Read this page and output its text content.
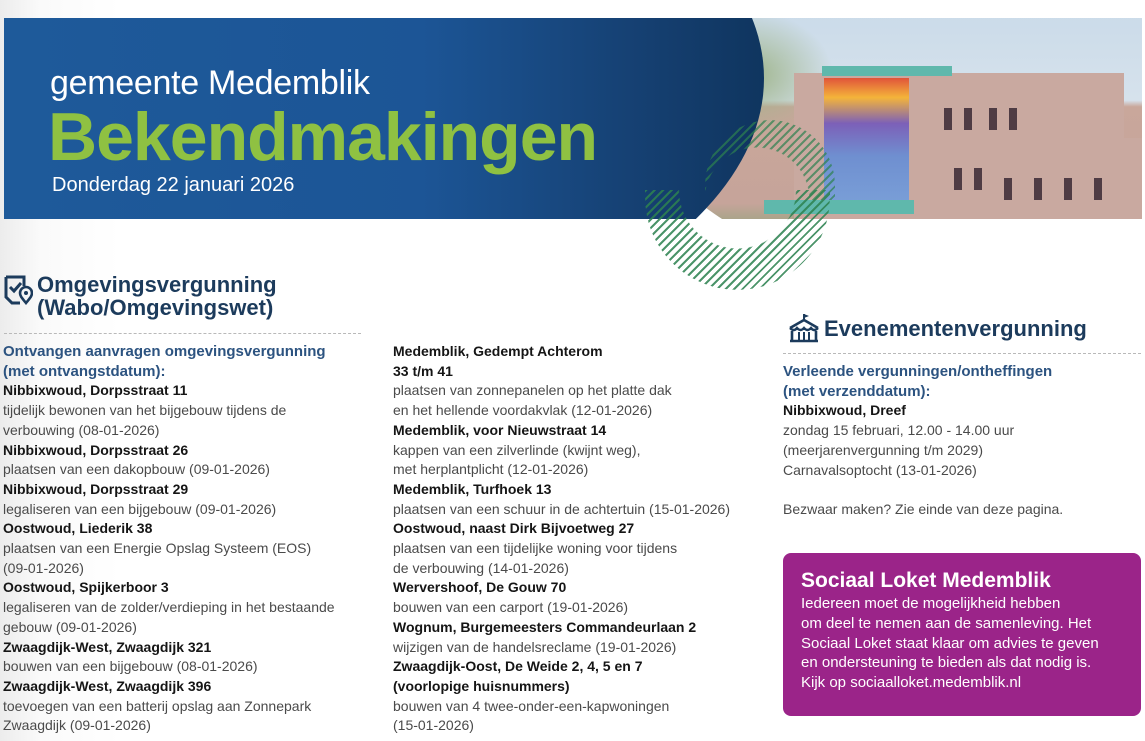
gemeente Medemblik
Bekendmakingen
Donderdag 22 januari 2026
Omgevingsvergunning
(Wabo/Omgevingswet)
Ontvangen aanvragen omgevingsvergunning
(met ontvangstdatum):
Nibbixwoud, Dorpsstraat 11
tijdelijk bewonen van het bijgebouw tijdens de
verbouwing (08-01-2026)
Nibbixwoud, Dorpsstraat 26
plaatsen van een dakopbouw (09-01-2026)
Nibbixwoud, Dorpsstraat 29
legaliseren van een bijgebouw (09-01-2026)
Oostwoud, Liederik 38
plaatsen van een Energie Opslag Systeem (EOS)
(09-01-2026)
Oostwoud, Spijkerboor 3
legaliseren van de zolder/verdieping in het bestaande
gebouw (09-01-2026)
Zwaagdijk-West, Zwaagdijk 321
bouwen van een bijgebouw (08-01-2026)
Zwaagdijk-West, Zwaagdijk 396
toevoegen van een batterij opslag aan Zonnepark
Zwaagdijk (09-01-2026)
Medemblik, Gedempt Achterom
33 t/m 41
plaatsen van zonnepanelen op het platte dak
en het hellende voordakvlak (12-01-2026)
Medemblik, voor Nieuwstraat 14
kappen van een zilverlinde (kwijnt weg),
met herplantplicht (12-01-2026)
Medemblik, Turfhoek 13
plaatsen van een schuur in de achtertuin (15-01-2026)
Oostwoud, naast Dirk Bijvoetweg 27
plaatsen van een tijdelijke woning voor tijdens
de verbouwing (14-01-2026)
Wervershoof, De Gouw 70
bouwen van een carport (19-01-2026)
Wognum, Burgemeesters Commandeurlaan 2
wijzigen van de handelsreclame (19-01-2026)
Zwaagdijk-Oost, De Weide 2, 4, 5 en 7
(voorlopige huisnummers)
bouwen van 4 twee-onder-een-kapwoningen
(15-01-2026)
Evenementenvergunning
Verleende vergunningen/ontheffingen
(met verzenddatum):
Nibbixwoud, Dreef
zondag 15 februari, 12.00 - 14.00 uur
(meerjarenvergunning t/m 2029)
Carnavalsoptocht (13-01-2026)
Bezwaar maken? Zie einde van deze pagina.
Sociaal Loket Medemblik
Iedereen moet de mogelijkheid hebben
om deel te nemen aan de samenleving. Het
Sociaal Loket staat klaar om advies te geven
en ondersteuning te bieden als dat nodig is.
Kijk op sociaalloket.medemblik.nl
